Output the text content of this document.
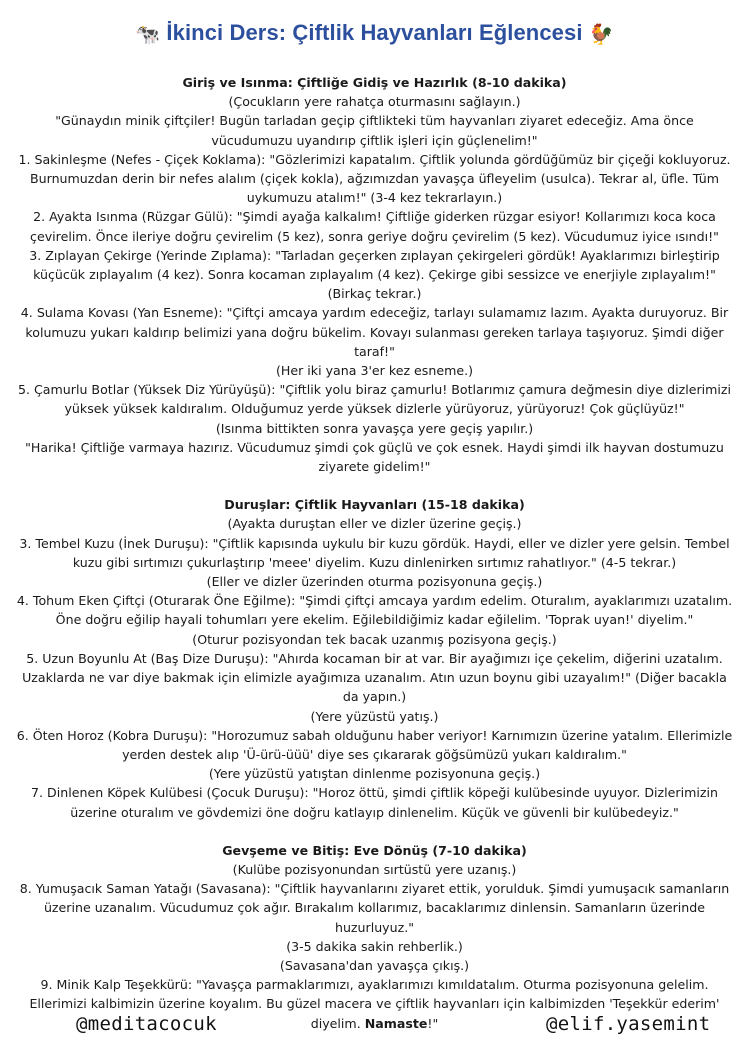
🐄 İkinci Ders: Çiftlik Hayvanları Eğlencesi 🐓

Giriş ve Isınma: Çiftliğe Gidiş ve Hazırlık (8-10 dakika)

(Çocukların yere rahatça oturmasını sağlayın.)

"Günaydın minik çiftçiler! Bugün tarladan geçip çiftlikteki tüm hayvanları ziyaret edeceğiz. Ama önce vücudumuzu uyandırıp çiftlik işleri için güçlenelim!"

1. Sakinleşme (Nefes - Çiçek Koklama): "Gözlerimizi kapatalım. Çiftlik yolunda gördüğümüz bir çiçeği kokluyoruz. Burnumuzdan derin bir nefes alalım (çiçek kokla), ağzımızdan yavaşça üfleyelim (usulca). Tekrar al, üfle. Tüm uykumuzu atalım!" (3-4 kez tekrarlayın.)

2. Ayakta Isınma (Rüzgar Gülü): "Şimdi ayağa kalkalım! Çiftliğe giderken rüzgar esiyor! Kollarımızı koca koca çevirelim. Önce ileriye doğru çevirelim (5 kez), sonra geriye doğru çevirelim (5 kez). Vücudumuz iyice ısındı!"

3. Zıplayan Çekirge (Yerinde Zıplama): "Tarladan geçerken zıplayan çekirgeleri gördük! Ayaklarımızı birleştirip küçücük zıplayalım (4 kez). Sonra kocaman zıplayalım (4 kez). Çekirge gibi sessizce ve enerjiyle zıplayalım!" (Birkaç tekrar.)

4. Sulama Kovası (Yan Esneme): "Çiftçi amcaya yardım edeceğiz, tarlayı sulamamız lazım. Ayakta duruyoruz. Bir kolumuzu yukarı kaldırıp belimizi yana doğru bükelim. Kovayı sulanması gereken tarlaya taşıyoruz. Şimdi diğer taraf!"

(Her iki yana 3'er kez esneme.)

5. Çamurlu Botlar (Yüksek Diz Yürüyüşü): "Çiftlik yolu biraz çamurlu! Botlarımız çamura değmesin diye dizlerimizi yüksek yüksek kaldıralım. Olduğumuz yerde yüksek dizlerle yürüyoruz, yürüyoruz! Çok güçlüyüz!"

(Isınma bittikten sonra yavaşça yere geçiş yapılır.)

"Harika! Çiftliğe varmaya hazırız. Vücudumuz şimdi çok güçlü ve çok esnek. Haydi şimdi ilk hayvan dostumuzu ziyarete gidelim!"

Duruşlar: Çiftlik Hayvanları (15-18 dakika)

(Ayakta duruştan eller ve dizler üzerine geçiş.)

3. Tembel Kuzu (İnek Duruşu): "Çiftlik kapısında uykulu bir kuzu gördük. Haydi, eller ve dizler yere gelsin. Tembel kuzu gibi sırtımızı çukurlaştırıp 'meee' diyelim. Kuzu dinlenirken sırtımız rahatlıyor." (4-5 tekrar.)

(Eller ve dizler üzerinden oturma pozisyonuna geçiş.)

4. Tohum Eken Çiftçi (Oturarak Öne Eğilme): "Şimdi çiftçi amcaya yardım edelim. Oturalım, ayaklarımızı uzatalım. Öne doğru eğilip hayali tohumları yere ekelim. Eğilebildiğimiz kadar eğilelim. 'Toprak uyan!' diyelim."

(Oturur pozisyondan tek bacak uzanmış pozisyona geçiş.)

5. Uzun Boyunlu At (Baş Dize Duruşu): "Ahırda kocaman bir at var. Bir ayağımızı içe çekelim, diğerini uzatalım. Uzaklarda ne var diye bakmak için elimizle ayağımıza uzanalım. Atın uzun boynu gibi uzayalım!" (Diğer bacakla da yapın.)

(Yere yüzüstü yatış.)

6. Öten Horoz (Kobra Duruşu): "Horozumuz sabah olduğunu haber veriyor! Karnımızın üzerine yatalım. Ellerimizle yerden destek alıp 'Ü-ürü-üüü' diye ses çıkararak göğsümüzü yukarı kaldıralım."

(Yere yüzüstü yatıştan dinlenme pozisyonuna geçiş.)

7. Dinlenen Köpek Kulübesi (Çocuk Duruşu): "Horoz öttü, şimdi çiftlik köpeği kulübesinde uyuyor. Dizlerimizin üzerine oturalım ve gövdemizi öne doğru katlayıp dinlenelim. Küçük ve güvenli bir kulübedeyiz."

Gevşeme ve Bitiş: Eve Dönüş (7-10 dakika)

(Kulübe pozisyonundan sırtüstü yere uzanış.)

8. Yumuşacık Saman Yatağı (Savasana): "Çiftlik hayvanlarını ziyaret ettik, yorulduk. Şimdi yumuşacık samanların üzerine uzanalım. Vücudumuz çok ağır. Bırakalım kollarımız, bacaklarımız dinlensin. Samanların üzerinde huzurluyuz."

(3-5 dakika sakin rehberlik.)

(Savasana'dan yavaşça çıkış.)

9. Minik Kalp Teşekkürü: "Yavaşça parmaklarımızı, ayaklarımızı kımıldatalım. Oturma pozisyonuna gelelim. Ellerimizi kalbimizin üzerine koyalım. Bu güzel macera ve çiftlik hayvanları için kalbimizden 'Teşekkür ederim' diyelim. Namaste!"

@meditacocuk	@elif.yasemint
